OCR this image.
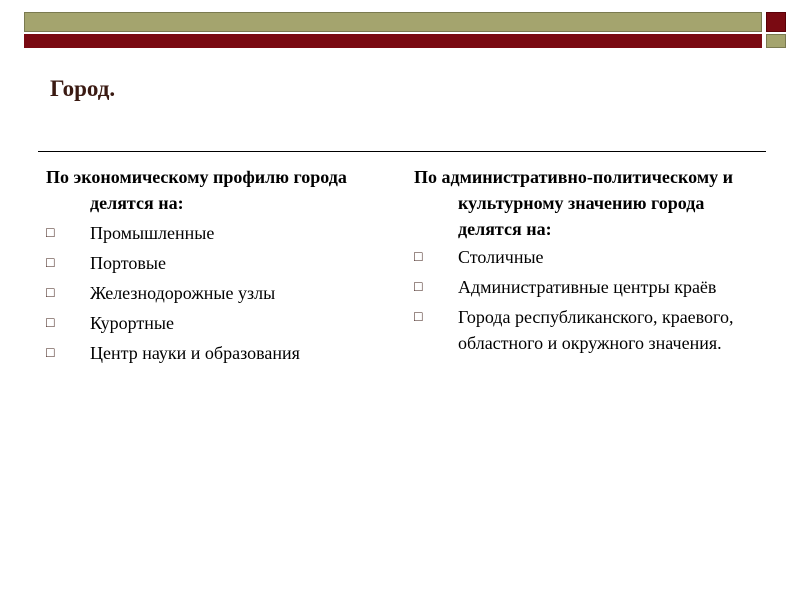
Город.

По экономическому профилю города делятся на:

□ Промышленные
□ Портовые
□ Железнодорожные узлы
□ Курортные
□ Центр науки и образования

По административно-политическому и культурному значению города делятся на:

□ Столичные
□ Административные центры краёв
□ Города республиканского, краевого, областного и окружного значения.
